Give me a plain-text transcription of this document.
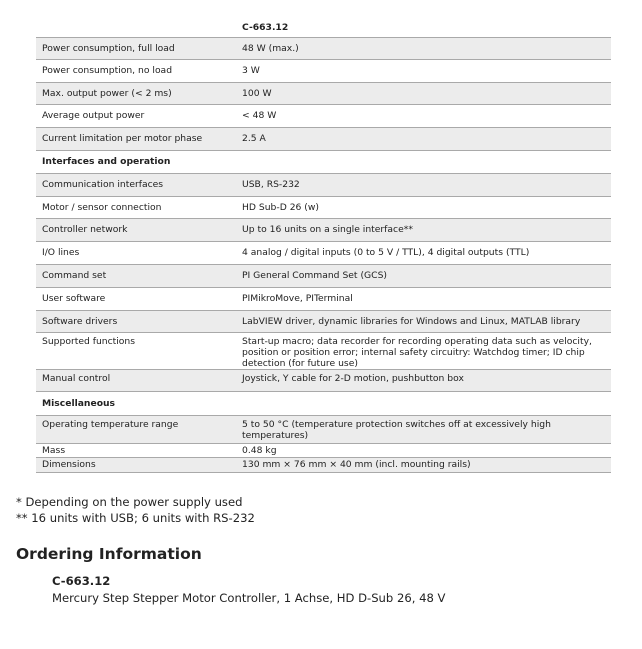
	C-663.12
Power consumption, full load	48 W (max.)
Power consumption, no load	3 W
Max. output power (< 2 ms)	100 W
Average output power	< 48 W
Current limitation per motor phase	2.5 A
Interfaces and operation	
Communication interfaces	USB, RS-232
Motor / sensor connection	HD Sub-D 26 (w)
Controller network	Up to 16 units on a single interface**
I/O lines	4 analog / digital inputs (0 to 5 V / TTL), 4 digital outputs (TTL)
Command set	PI General Command Set (GCS)
User software	PIMikroMove, PITerminal
Software drivers	LabVIEW driver, dynamic libraries for Windows and Linux, MATLAB library
Supported functions	Start-up macro; data recorder for recording operating data such as velocity, position or position error; internal safety circuitry: Watchdog timer; ID chip detection (for future use)
Manual control	Joystick, Y cable for 2-D motion, pushbutton box
Miscellaneous	
Operating temperature range	5 to 50 °C (temperature protection switches off at excessively high temperatures)
Mass	0.48 kg
Dimensions	130 mm × 76 mm × 40 mm (incl. mounting rails)
* Depending on the power supply used
** 16 units with USB; 6 units with RS-232
Ordering Information
C-663.12
Mercury Step Stepper Motor Controller, 1 Achse, HD D-Sub 26, 48 V
